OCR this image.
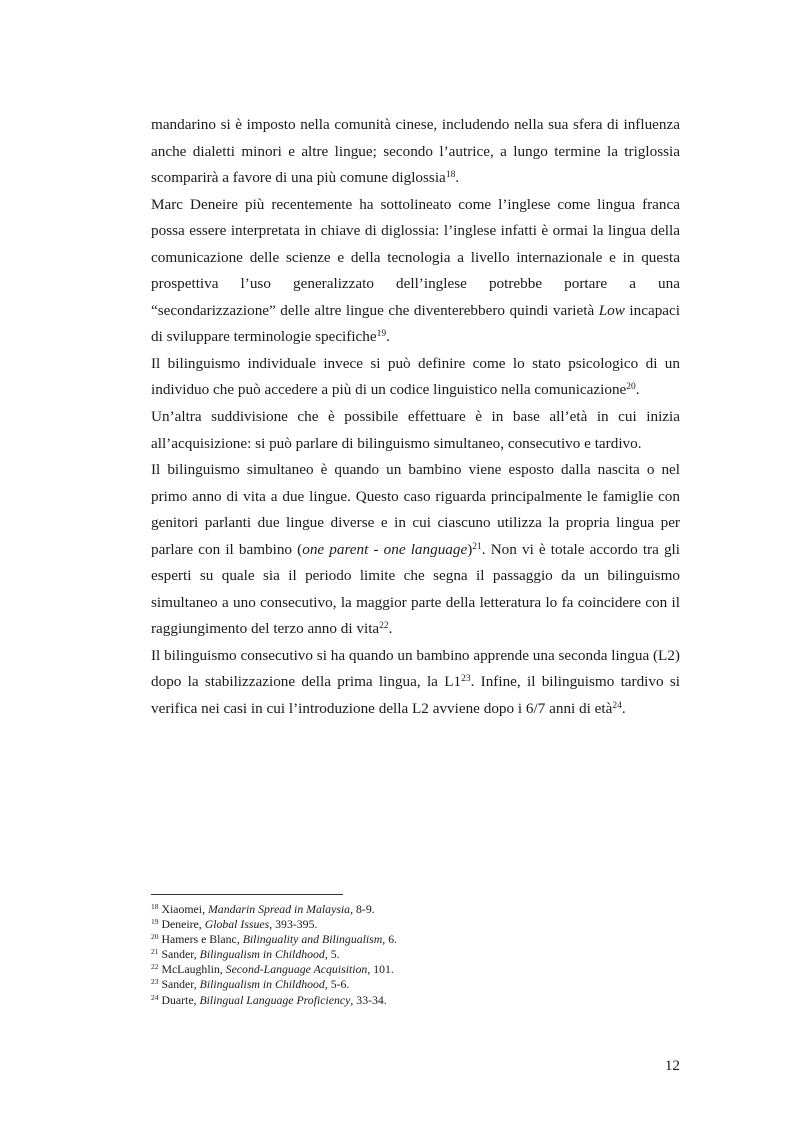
mandarino si è imposto nella comunità cinese, includendo nella sua sfera di influenza anche dialetti minori e altre lingue; secondo l’autrice, a lungo termine la triglossia scomparirà a favore di una più comune diglossia$^{18}$.

Marc Deneire più recentemente ha sottolineato come l’inglese come lingua franca possa essere interpretata in chiave di diglossia: l’inglese infatti è ormai la lingua della comunicazione delle scienze e della tecnologia a livello internazionale e in questa prospettiva l’uso generalizzato dell’inglese potrebbe portare a una “secondarizzazione” delle altre lingue che diventerebbero quindi varietà Low incapaci di sviluppare terminologie specifiche$^{19}$.

Il bilinguismo individuale invece si può definire come lo stato psicologico di un individuo che può accedere a più di un codice linguistico nella comunicazione$^{20}$.

Un’altra suddivisione che è possibile effettuare è in base all’età in cui inizia all’acquisizione: si può parlare di bilinguismo simultaneo, consecutivo e tardivo.

Il bilinguismo simultaneo è quando un bambino viene esposto dalla nascita o nel primo anno di vita a due lingue. Questo caso riguarda principalmente le famiglie con genitori parlanti due lingue diverse e in cui ciascuno utilizza la propria lingua per parlare con il bambino (one parent - one language)$^{21}$. Non vi è totale accordo tra gli esperti su quale sia il periodo limite che segna il passaggio da un bilinguismo simultaneo a uno consecutivo, la maggior parte della letteratura lo fa coincidere con il raggiungimento del terzo anno di vita$^{22}$.

Il bilinguismo consecutivo si ha quando un bambino apprende una seconda lingua (L2) dopo la stabilizzazione della prima lingua, la $L1^{23}$. Infine, il bilinguismo tardivo si verifica nei casi in cui l’introduzione della L2 avviene dopo i 6/7 anni di età$^{24}$.

$^{18}$ Xiaomei, Mandarin Spread in Malaysia, 8-9.
$^{19}$ Deneire, Global Issues, 393-395.
$^{20}$ Hamers e Blanc, Bilinguality and Bilingualism, 6.
$^{21}$ Sander, Bilingualism in Childhood, 5.
$^{22}$ McLaughlin, Second-Language Acquisition, 101.
$^{23}$ Sander, Bilingualism in Childhood, 5-6.
$^{24}$ Duarte, Bilingual Language Proficiency, 33-34.
12
